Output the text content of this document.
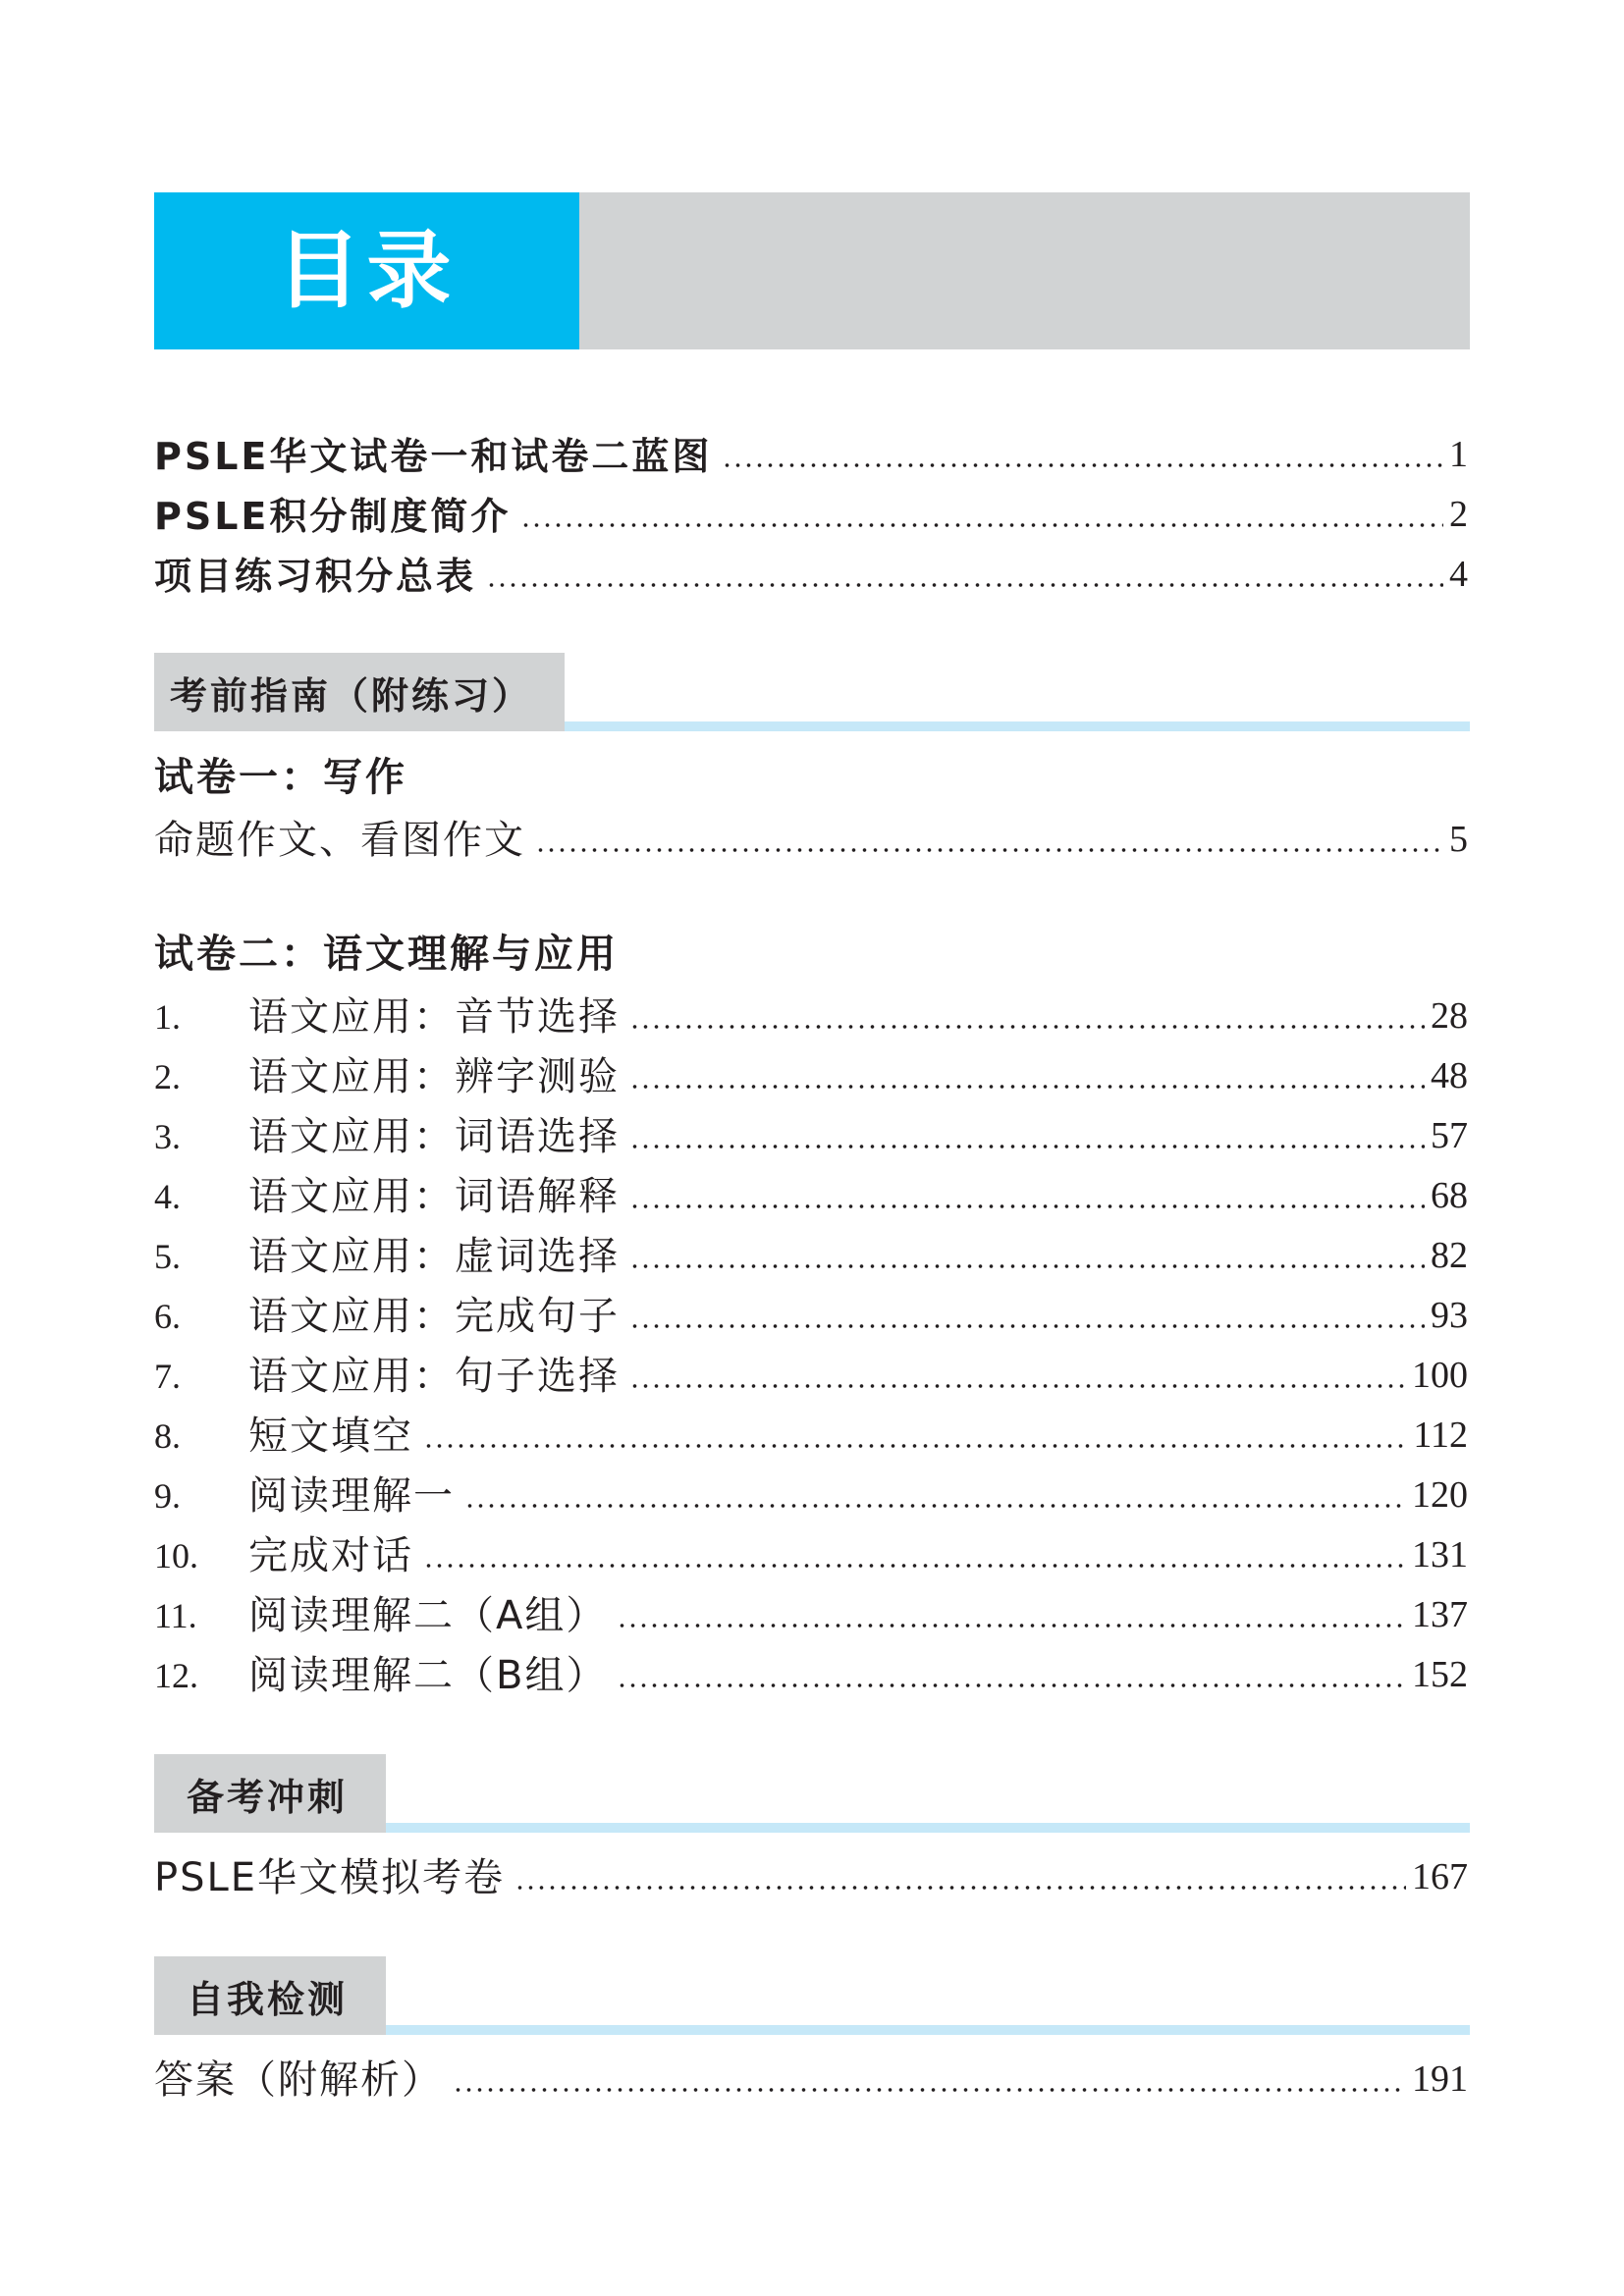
目录
PSLE华文试卷一和试卷二蓝图	1
PSLE积分制度简介	2
项目练习积分总表	4
考前指南（附练习）
试卷一：写作
命题作文、看图作文	5
试卷二：语文理解与应用
1.	语文应用：音节选择	28
2.	语文应用：辨字测验	48
3.	语文应用：词语选择	57
4.	语文应用：词语解释	68
5.	语文应用：虚词选择	82
6.	语文应用：完成句子	93
7.	语文应用：句子选择	100
8.	短文填空	112
9.	阅读理解一	120
10.	完成对话	131
11.	阅读理解二（A组）	137
12.	阅读理解二（B组）	152
备考冲刺
PSLE华文模拟考卷	167
自我检测
答案（附解析）	191
